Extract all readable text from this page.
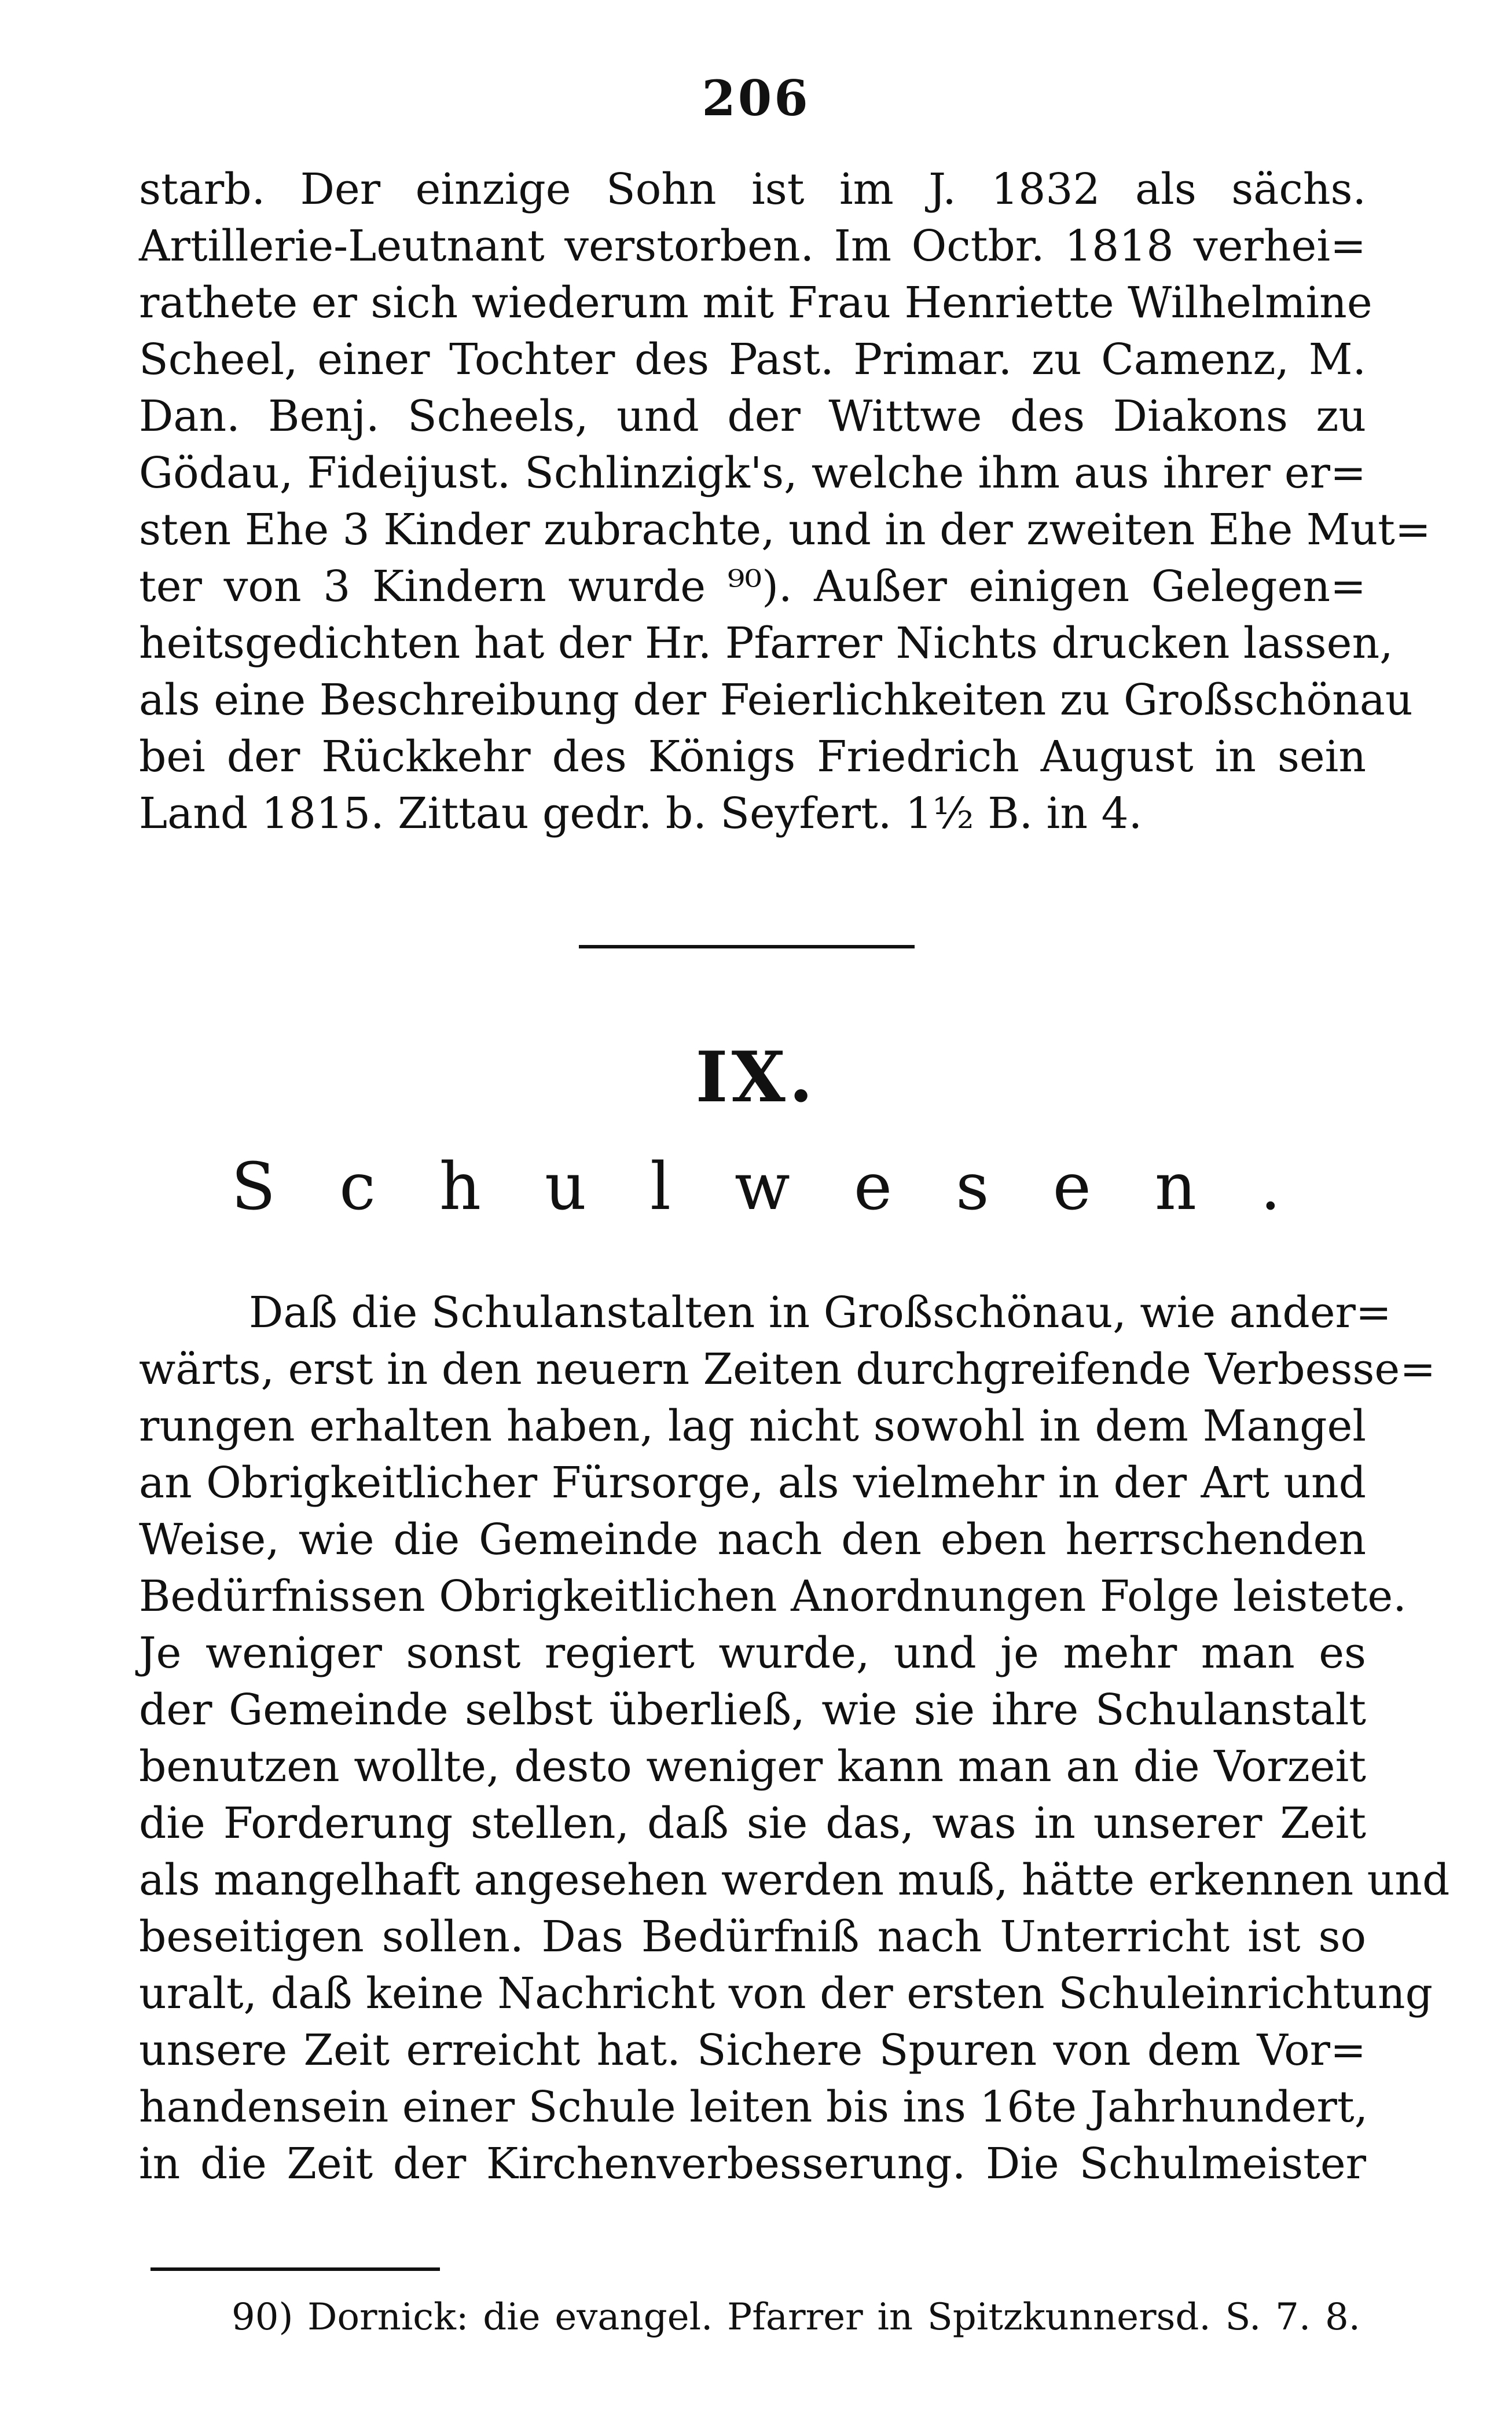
206
starb. Der einzige Sohn ist im J. 1832 als sächs.
Artillerie-Leutnant verstorben. Im Octbr. 1818 verhei=
rathete er sich wiederum mit Frau Henriette Wilhelmine
Scheel, einer Tochter des Past. Primar. zu Camenz, M.
Dan. Benj. Scheels, und der Wittwe des Diakons zu
Gödau, Fideijust. Schlinzigk's, welche ihm aus ihrer er=
sten Ehe 3 Kinder zubrachte, und in der zweiten Ehe Mut=
ter von 3 Kindern wurde ⁹⁰). Außer einigen Gelegen=
heitsgedichten hat der Hr. Pfarrer Nichts drucken lassen,
als eine Beschreibung der Feierlichkeiten zu Großschönau
bei der Rückkehr des Königs Friedrich August in sein
Land 1815. Zittau gedr. b. Seyfert. 1½ B. in 4.
IX.
Schulwesen.
Daß die Schulanstalten in Großschönau, wie ander=
wärts, erst in den neuern Zeiten durchgreifende Verbesse=
rungen erhalten haben, lag nicht sowohl in dem Mangel
an Obrigkeitlicher Fürsorge, als vielmehr in der Art und
Weise, wie die Gemeinde nach den eben herrschenden
Bedürfnissen Obrigkeitlichen Anordnungen Folge leistete.
Je weniger sonst regiert wurde, und je mehr man es
der Gemeinde selbst überließ, wie sie ihre Schulanstalt
benutzen wollte, desto weniger kann man an die Vorzeit
die Forderung stellen, daß sie das, was in unserer Zeit
als mangelhaft angesehen werden muß, hätte erkennen und
beseitigen sollen. Das Bedürfniß nach Unterricht ist so
uralt, daß keine Nachricht von der ersten Schuleinrichtung
unsere Zeit erreicht hat. Sichere Spuren von dem Vor=
handensein einer Schule leiten bis ins 16te Jahrhundert,
in die Zeit der Kirchenverbesserung. Die Schulmeister
90) Dornick: die evangel. Pfarrer in Spitzkunnersd. S. 7. 8.
